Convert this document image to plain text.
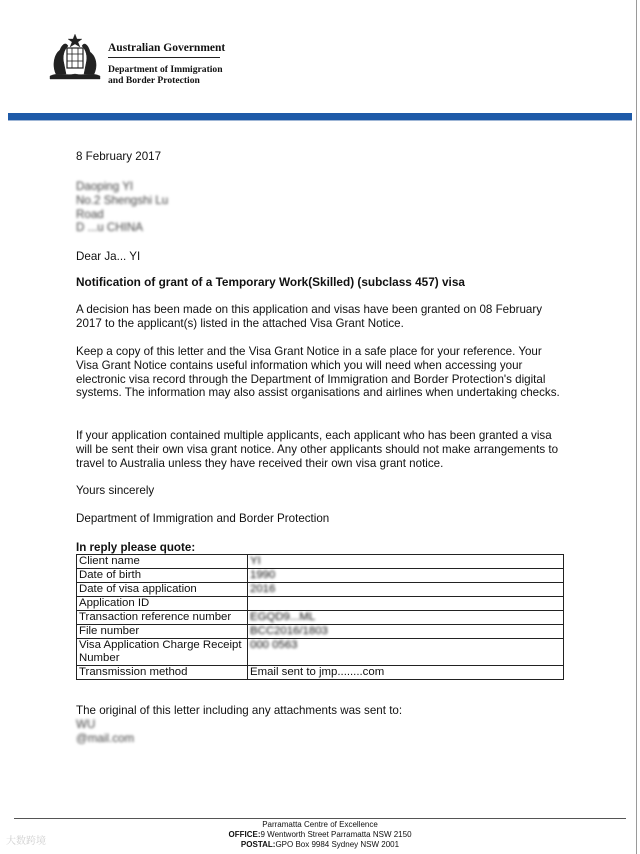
Australian Government
Department of Immigration
and Border Protection
8 February 2017
Daoping YI
No.2 Shengshi Lu
Road
D ...u CHINA
Dear Ja... YI
Notification of grant of a Temporary Work(Skilled) (subclass 457) visa
A decision has been made on this application and visas have been granted on 08 February 2017 to the applicant(s) listed in the attached Visa Grant Notice.
Keep a copy of this letter and the Visa Grant Notice in a safe place for your reference. Your Visa Grant Notice contains useful information which you will need when accessing your electronic visa record through the Department of Immigration and Border Protection's digital systems. The information may also assist organisations and airlines when undertaking checks.
If your application contained multiple applicants, each applicant who has been granted a visa will be sent their own visa grant notice. Any other applicants should not make arrangements to travel to Australia unless they have received their own visa grant notice.
Yours sincerely
Department of Immigration and Border Protection
In reply please quote:
Client name	YI
Date of birth	1990
Date of visa application	2016
Application ID	
Transaction reference number	EGQD9...ML
File number	BCC2016/1803
Visa Application Charge Receipt Number	000 0563
Transmission method	Email sent to jmp........com
The original of this letter including any attachments was sent to:
WU
@mail.com
Parramatta Centre of Excellence
OFFICE:9 Wentworth Street Parramatta NSW 2150
POSTAL:GPO Box 9984 Sydney NSW 2001
大数跨境
